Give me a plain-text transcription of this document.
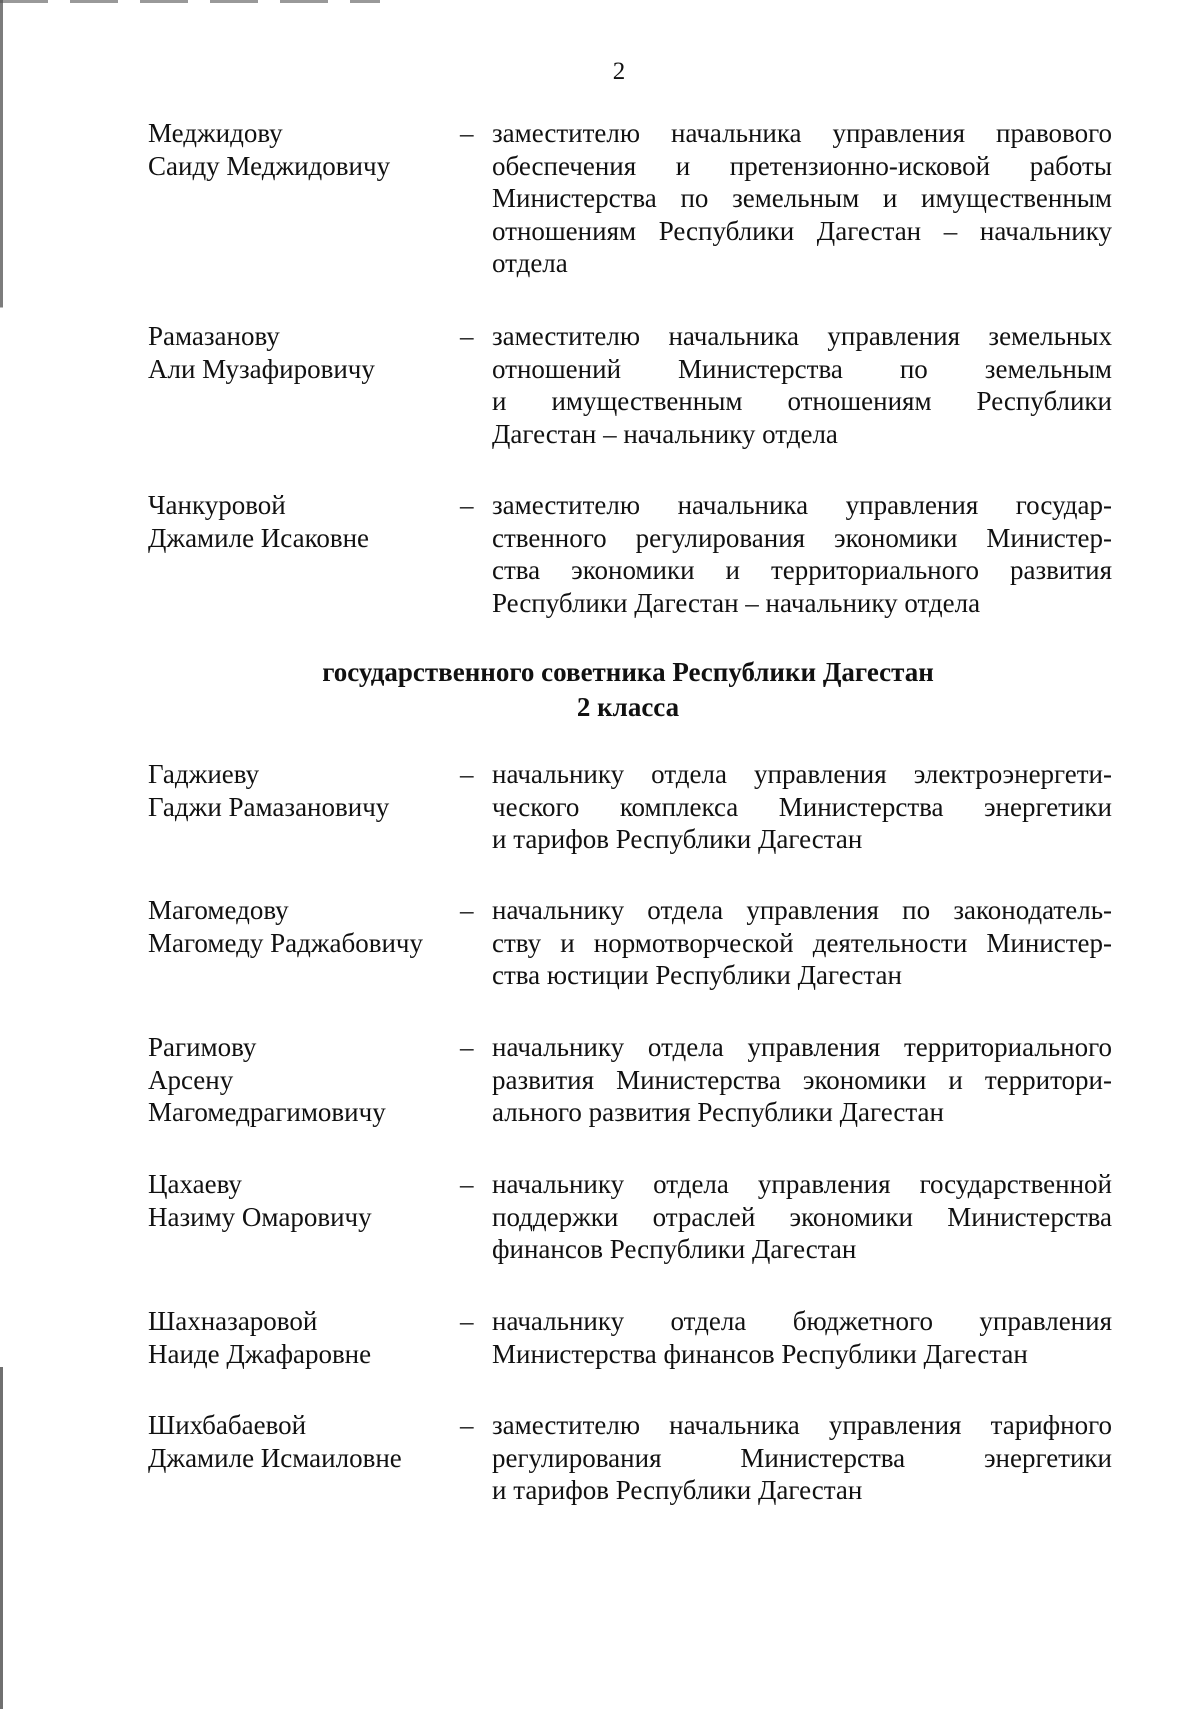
2
Меджидову
Саиду Меджидовичу
– заместителю начальника управления правового
обеспечения и претензионно-исковой работы
Министерства по земельным и имущественным
отношениям Республики Дагестан – начальнику
отдела
Рамазанову
Али Музафировичу
– заместителю начальника управления земельных
отношений Министерства по земельным
и имущественным отношениям Республики
Дагестан – начальнику отдела
Чанкуровой
Джамиле Исаковне
– заместителю начальника управления государ-
ственного регулирования экономики Министер-
ства экономики и территориального развития
Республики Дагестан – начальнику отдела
государственного советника Республики Дагестан
2 класса
Гаджиеву
Гаджи Рамазановичу
– начальнику отдела управления электроэнергети-
ческого комплекса Министерства энергетики
и тарифов Республики Дагестан
Магомедову
Магомеду Раджабовичу
– начальнику отдела управления по законодатель-
ству и нормотворческой деятельности Министер-
ства юстиции Республики Дагестан
Рагимову
Арсену
Магомедрагимовичу
– начальнику отдела управления территориального
развития Министерства экономики и территори-
ального развития Республики Дагестан
Цахаеву
Назиму Омаровичу
– начальнику отдела управления государственной
поддержки отраслей экономики Министерства
финансов Республики Дагестан
Шахназаровой
Наиде Джафаровне
– начальнику отдела бюджетного управления
Министерства финансов Республики Дагестан
Шихбабаевой
Джамиле Исмаиловне
– заместителю начальника управления тарифного
регулирования Министерства энергетики
и тарифов Республики Дагестан
